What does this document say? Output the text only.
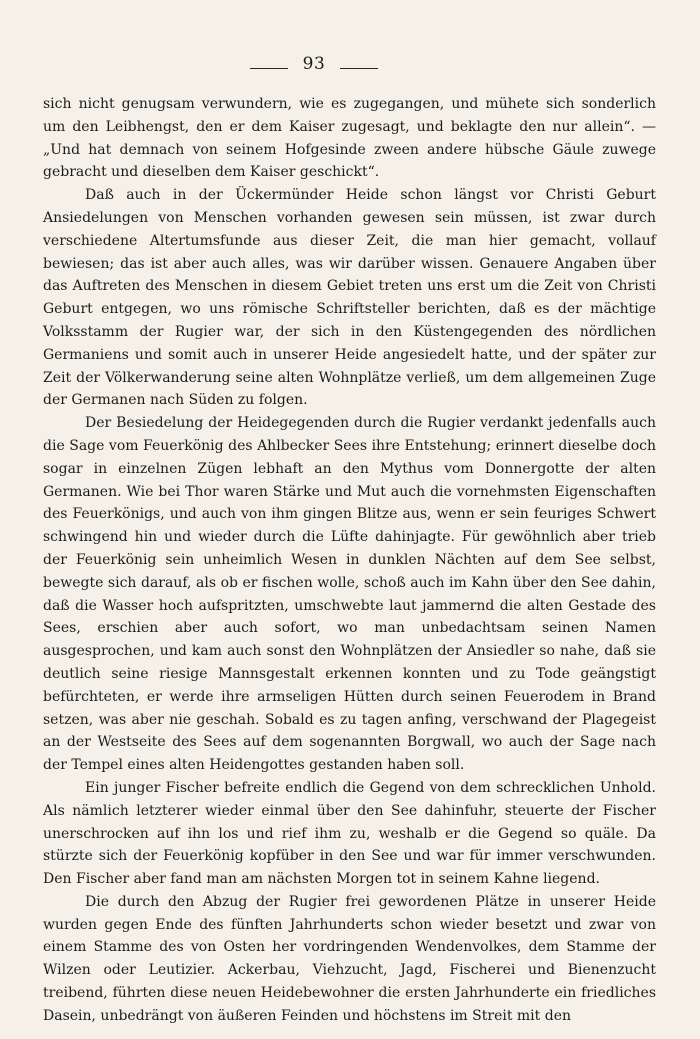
93

sich nicht genugsam verwundern, wie es zugegangen, und mühete sich sonderlich um den Leibhengst, den er dem Kaiser zugesagt, und beklagte den nur allein“. — „Und hat demnach von seinem Hofgesinde zween andere hübsche Gäule zuwege gebracht und dieselben dem Kaiser geschickt“.

Daß auch in der Ückermünder Heide schon längst vor Christi Geburt Ansiedelungen von Menschen vorhanden gewesen sein müssen, ist zwar durch verschiedene Altertumsfunde aus dieser Zeit, die man hier gemacht, vollauf bewiesen; das ist aber auch alles, was wir darüber wissen. Genauere Angaben über das Auftreten des Menschen in diesem Gebiet treten uns erst um die Zeit von Christi Geburt entgegen, wo uns römische Schriftsteller berichten, daß es der mächtige Volksstamm der Rugier war, der sich in den Küstengegenden des nördlichen Germaniens und somit auch in unserer Heide angesiedelt hatte, und der später zur Zeit der Völkerwanderung seine alten Wohnplätze verließ, um dem allgemeinen Zuge der Germanen nach Süden zu folgen.

Der Besiedelung der Heidegegenden durch die Rugier verdankt jedenfalls auch die Sage vom Feuerkönig des Ahlbecker Sees ihre Entstehung; erinnert dieselbe doch sogar in einzelnen Zügen lebhaft an den Mythus vom Donnergotte der alten Germanen. Wie bei Thor waren Stärke und Mut auch die vornehmsten Eigenschaften des Feuerkönigs, und auch von ihm gingen Blitze aus, wenn er sein feuriges Schwert schwingend hin und wieder durch die Lüfte dahinjagte. Für gewöhnlich aber trieb der Feuerkönig sein unheimlich Wesen in dunklen Nächten auf dem See selbst, bewegte sich darauf, als ob er fischen wolle, schoß auch im Kahn über den See dahin, daß die Wasser hoch aufspritzten, umschwebte laut jammernd die alten Gestade des Sees, erschien aber auch sofort, wo man unbedachtsam seinen Namen ausgesprochen, und kam auch sonst den Wohnplätzen der Ansiedler so nahe, daß sie deutlich seine riesige Mannsgestalt erkennen konnten und zu Tode geängstigt befürchteten, er werde ihre armseligen Hütten durch seinen Feuerodem in Brand setzen, was aber nie geschah. Sobald es zu tagen anfing, verschwand der Plagegeist an der Westseite des Sees auf dem sogenannten Borgwall, wo auch der Sage nach der Tempel eines alten Heidengottes gestanden haben soll.

Ein junger Fischer befreite endlich die Gegend von dem schrecklichen Unhold. Als nämlich letzterer wieder einmal über den See dahinfuhr, steuerte der Fischer unerschrocken auf ihn los und rief ihm zu, weshalb er die Gegend so quäle. Da stürzte sich der Feuerkönig kopfüber in den See und war für immer verschwunden. Den Fischer aber fand man am nächsten Morgen tot in seinem Kahne liegend.

Die durch den Abzug der Rugier frei gewordenen Plätze in unserer Heide wurden gegen Ende des fünften Jahrhunderts schon wieder besetzt und zwar von einem Stamme des von Osten her vordringenden Wendenvolkes, dem Stamme der Wilzen oder Leutizier. Ackerbau, Viehzucht, Jagd, Fischerei und Bienenzucht treibend, führten diese neuen Heidebewohner die ersten Jahrhunderte ein friedliches Dasein, unbedrängt von äußeren Feinden und höchstens im Streit mit den
